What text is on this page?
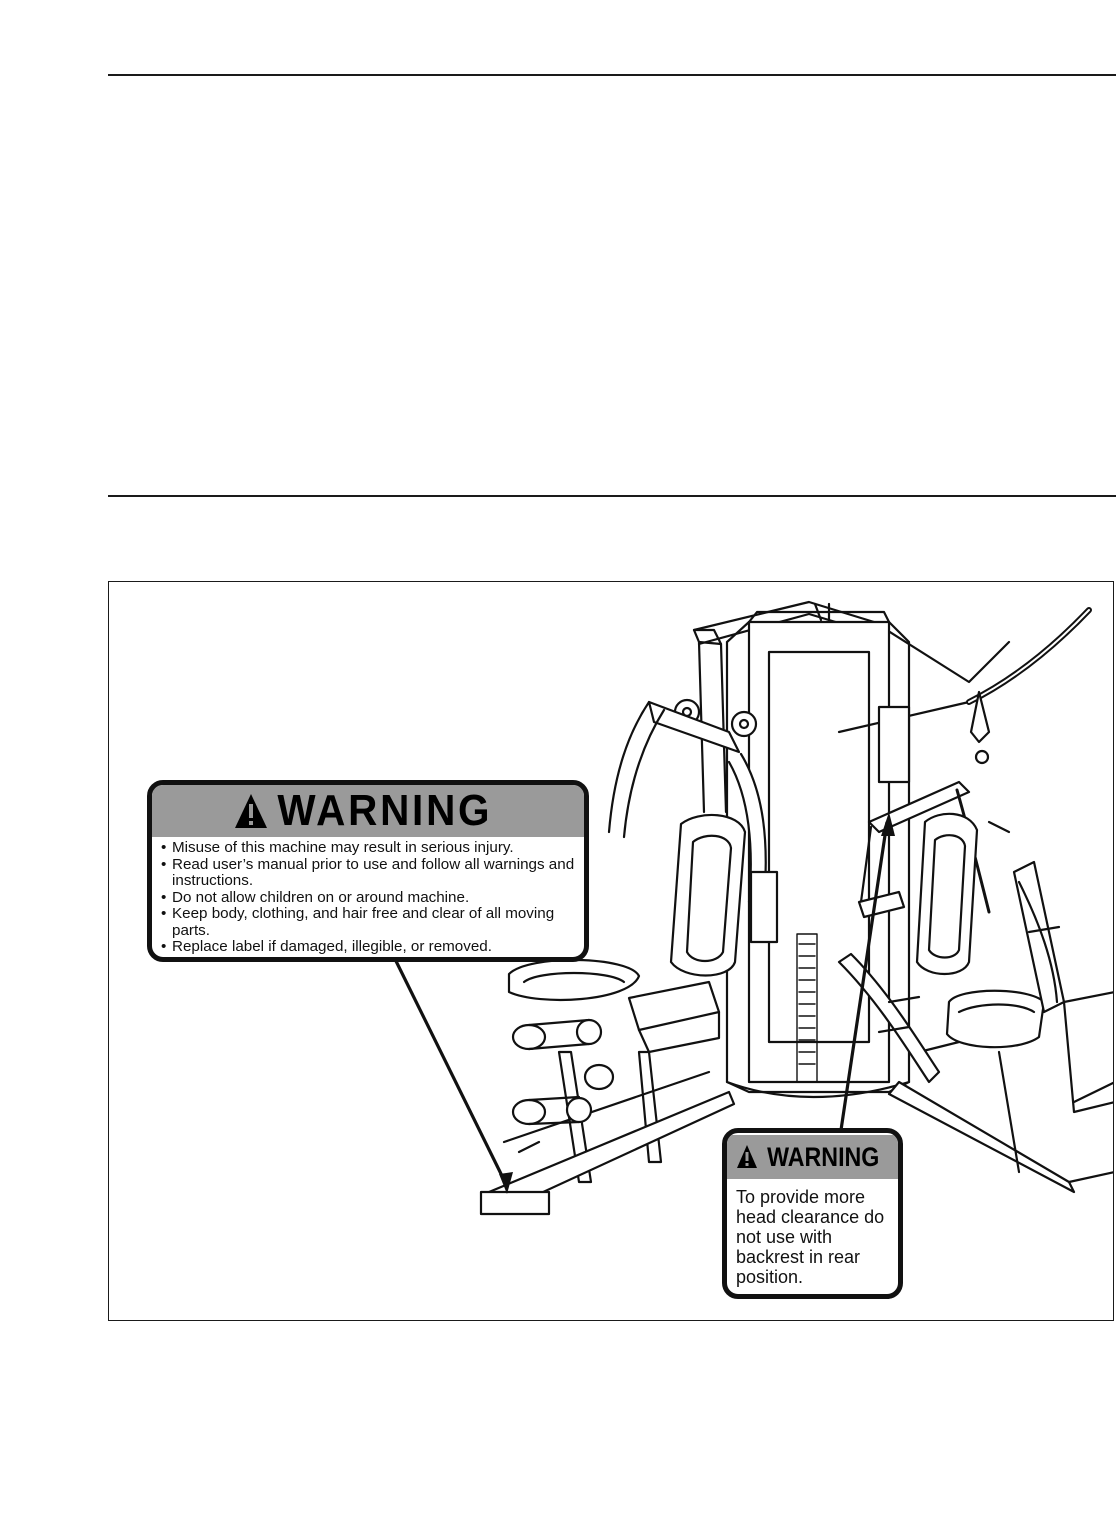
WARNING
• Misuse of this machine may result in serious injury.
• Read user’s manual prior to use and follow all warnings and instructions.
• Do not allow children on or around machine.
• Keep body, clothing, and hair free and clear of all moving parts.
• Replace label if damaged, illegible, or removed.
WARNING
To provide more head clearance do not use with backrest in rear position.
